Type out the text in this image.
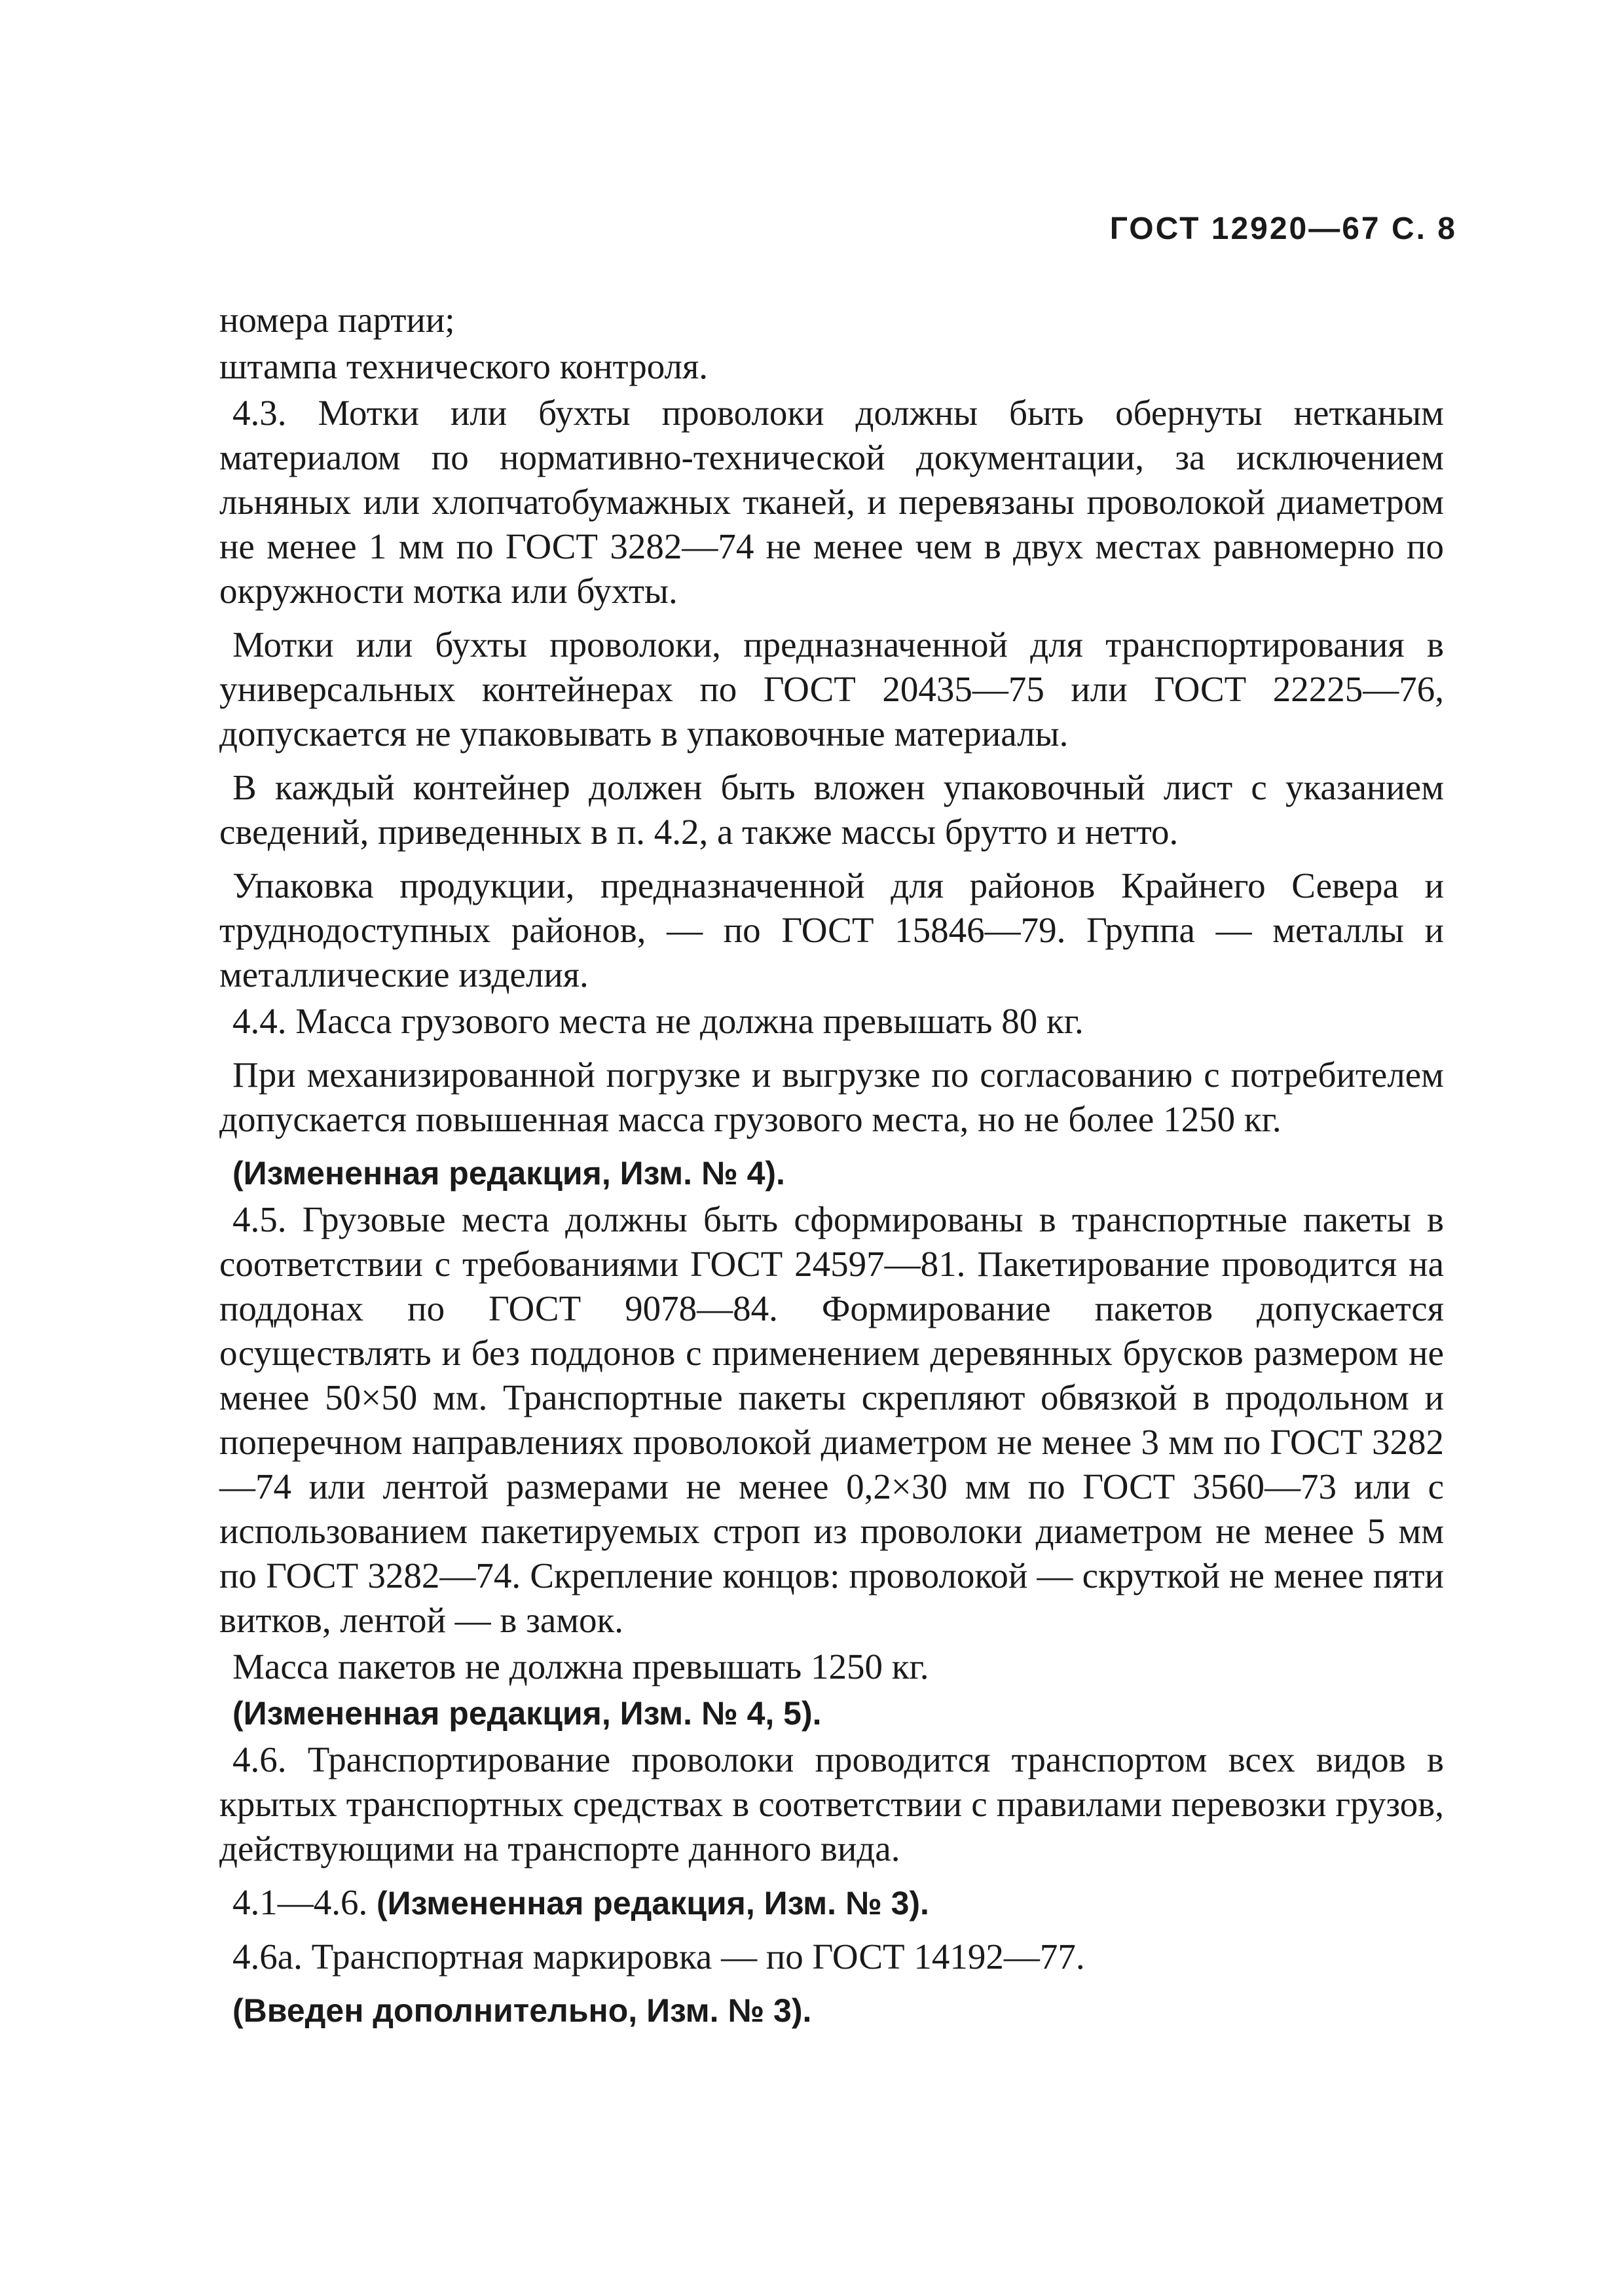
ГОСТ 12920—67 С. 8

номера партии;

штампа технического контроля.

4.3. Мотки или бухты проволоки должны быть обернуты нетканым материалом по нормативно-технической документации, за исключением льняных или хлопчатобумажных тканей, и перевязаны проволокой диаметром не менее 1 мм по ГОСТ 3282—74 не менее чем в двух местах равномерно по окружности мотка или бухты.

Мотки или бухты проволоки, предназначенной для транспортирования в универсальных контейнерах по ГОСТ 20435—75 или ГОСТ 22225—76, допускается не упаковывать в упаковочные материалы.

В каждый контейнер должен быть вложен упаковочный лист с указанием сведений, приведенных в п. 4.2, а также массы брутто и нетто.

Упаковка продукции, предназначенной для районов Крайнего Севера и труднодоступных районов, — по ГОСТ 15846—79. Группа — металлы и металлические изделия.

4.4. Масса грузового места не должна превышать 80 кг.

При механизированной погрузке и выгрузке по согласованию с потребителем допускается повышенная масса грузового места, но не более 1250 кг.

(Измененная редакция, Изм. № 4).

4.5. Грузовые места должны быть сформированы в транспортные пакеты в соответствии с требованиями ГОСТ 24597—81. Пакетирование проводится на поддонах по ГОСТ 9078—84. Формирование пакетов допускается осуществлять и без поддонов с применением деревянных брусков размером не менее 50×50 мм. Транспортные пакеты скрепляют обвязкой в продольном и поперечном направлениях проволокой диаметром не менее 3 мм по ГОСТ 3282—74 или лентой размерами не менее 0,2×30 мм по ГОСТ 3560—73 или с использованием пакетируемых строп из проволоки диаметром не менее 5 мм по ГОСТ 3282—74. Скрепление концов: проволокой — скруткой не менее пяти витков, лентой — в замок.

Масса пакетов не должна превышать 1250 кг.

(Измененная редакция, Изм. № 4, 5).

4.6. Транспортирование проволоки проводится транспортом всех видов в крытых транспортных средствах в соответствии с правилами перевозки грузов, действующими на транспорте данного вида.

4.1—4.6. (Измененная редакция, Изм. № 3).

4.6а. Транспортная маркировка — по ГОСТ 14192—77.

(Введен дополнительно, Изм. № 3).
